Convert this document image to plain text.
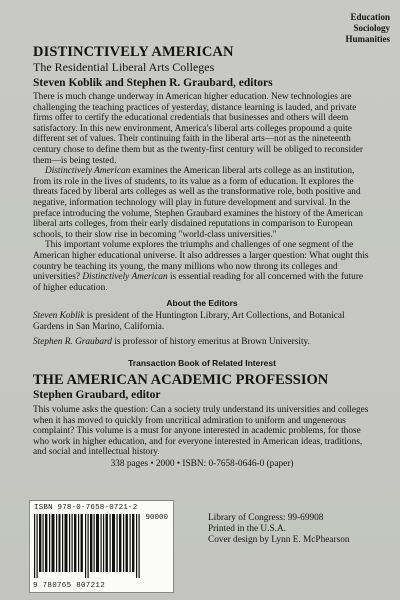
Education
Sociology
Humanities
DISTINCTIVELY AMERICAN
The Residential Liberal Arts Colleges
Steven Koblik and Stephen R. Graubard, editors

There is much change underway in American higher education. New technologies are challenging the teaching practices of yesterday, distance learning is lauded, and private firms offer to certify the educational credentials that businesses and others will deem satisfactory. In this new environment, America's liberal arts colleges propound a quite different set of values. Their continuing faith in the liberal arts—not as the nineteenth century chose to define them but as the twenty-first century will be obliged to reconsider them—is being tested.

Distinctively American examines the American liberal arts college as an institution, from its role in the lives of students, to its value as a form of education. It explores the threats faced by liberal arts colleges as well as the transformative role, both positive and negative, information technology will play in future development and survival. In the preface introducing the volume, Stephen Graubard examines the history of the American liberal arts colleges, from their early disdained reputations in comparison to European schools, to their slow rise in becoming "world-class universities."

This important volume explores the triumphs and challenges of one segment of the American higher educational universe. It also addresses a larger question: What ought this country be teaching its young, the many millions who now throng its colleges and universities? Distinctively American is essential reading for all concerned with the future of higher education.

About the Editors

Steven Koblik is president of the Huntington Library, Art Collections, and Botanical Gardens in San Marino, California.

Stephen R. Graubard is professor of history emeritus at Brown University.

Transaction Book of Related Interest
THE AMERICAN ACADEMIC PROFESSION
Stephen Graubard, editor

This volume asks the question: Can a society truly understand its universities and colleges when it has moved to quickly from uncritical admiration to uniform and ungenerous complaint? This volume is a must for anyone interested in academic problems, for those who work in higher education, and for everyone interested in American ideas, traditions, and social and intellectual history.

338 pages • 2000 • ISBN: 0-7658-0646-0 (paper)
ISBN 978-0-7658-0721-2
90000
9 780765 807212
Library of Congress: 99-69908
Printed in the U.S.A.
Cover design by Lynn E. McPhearson
